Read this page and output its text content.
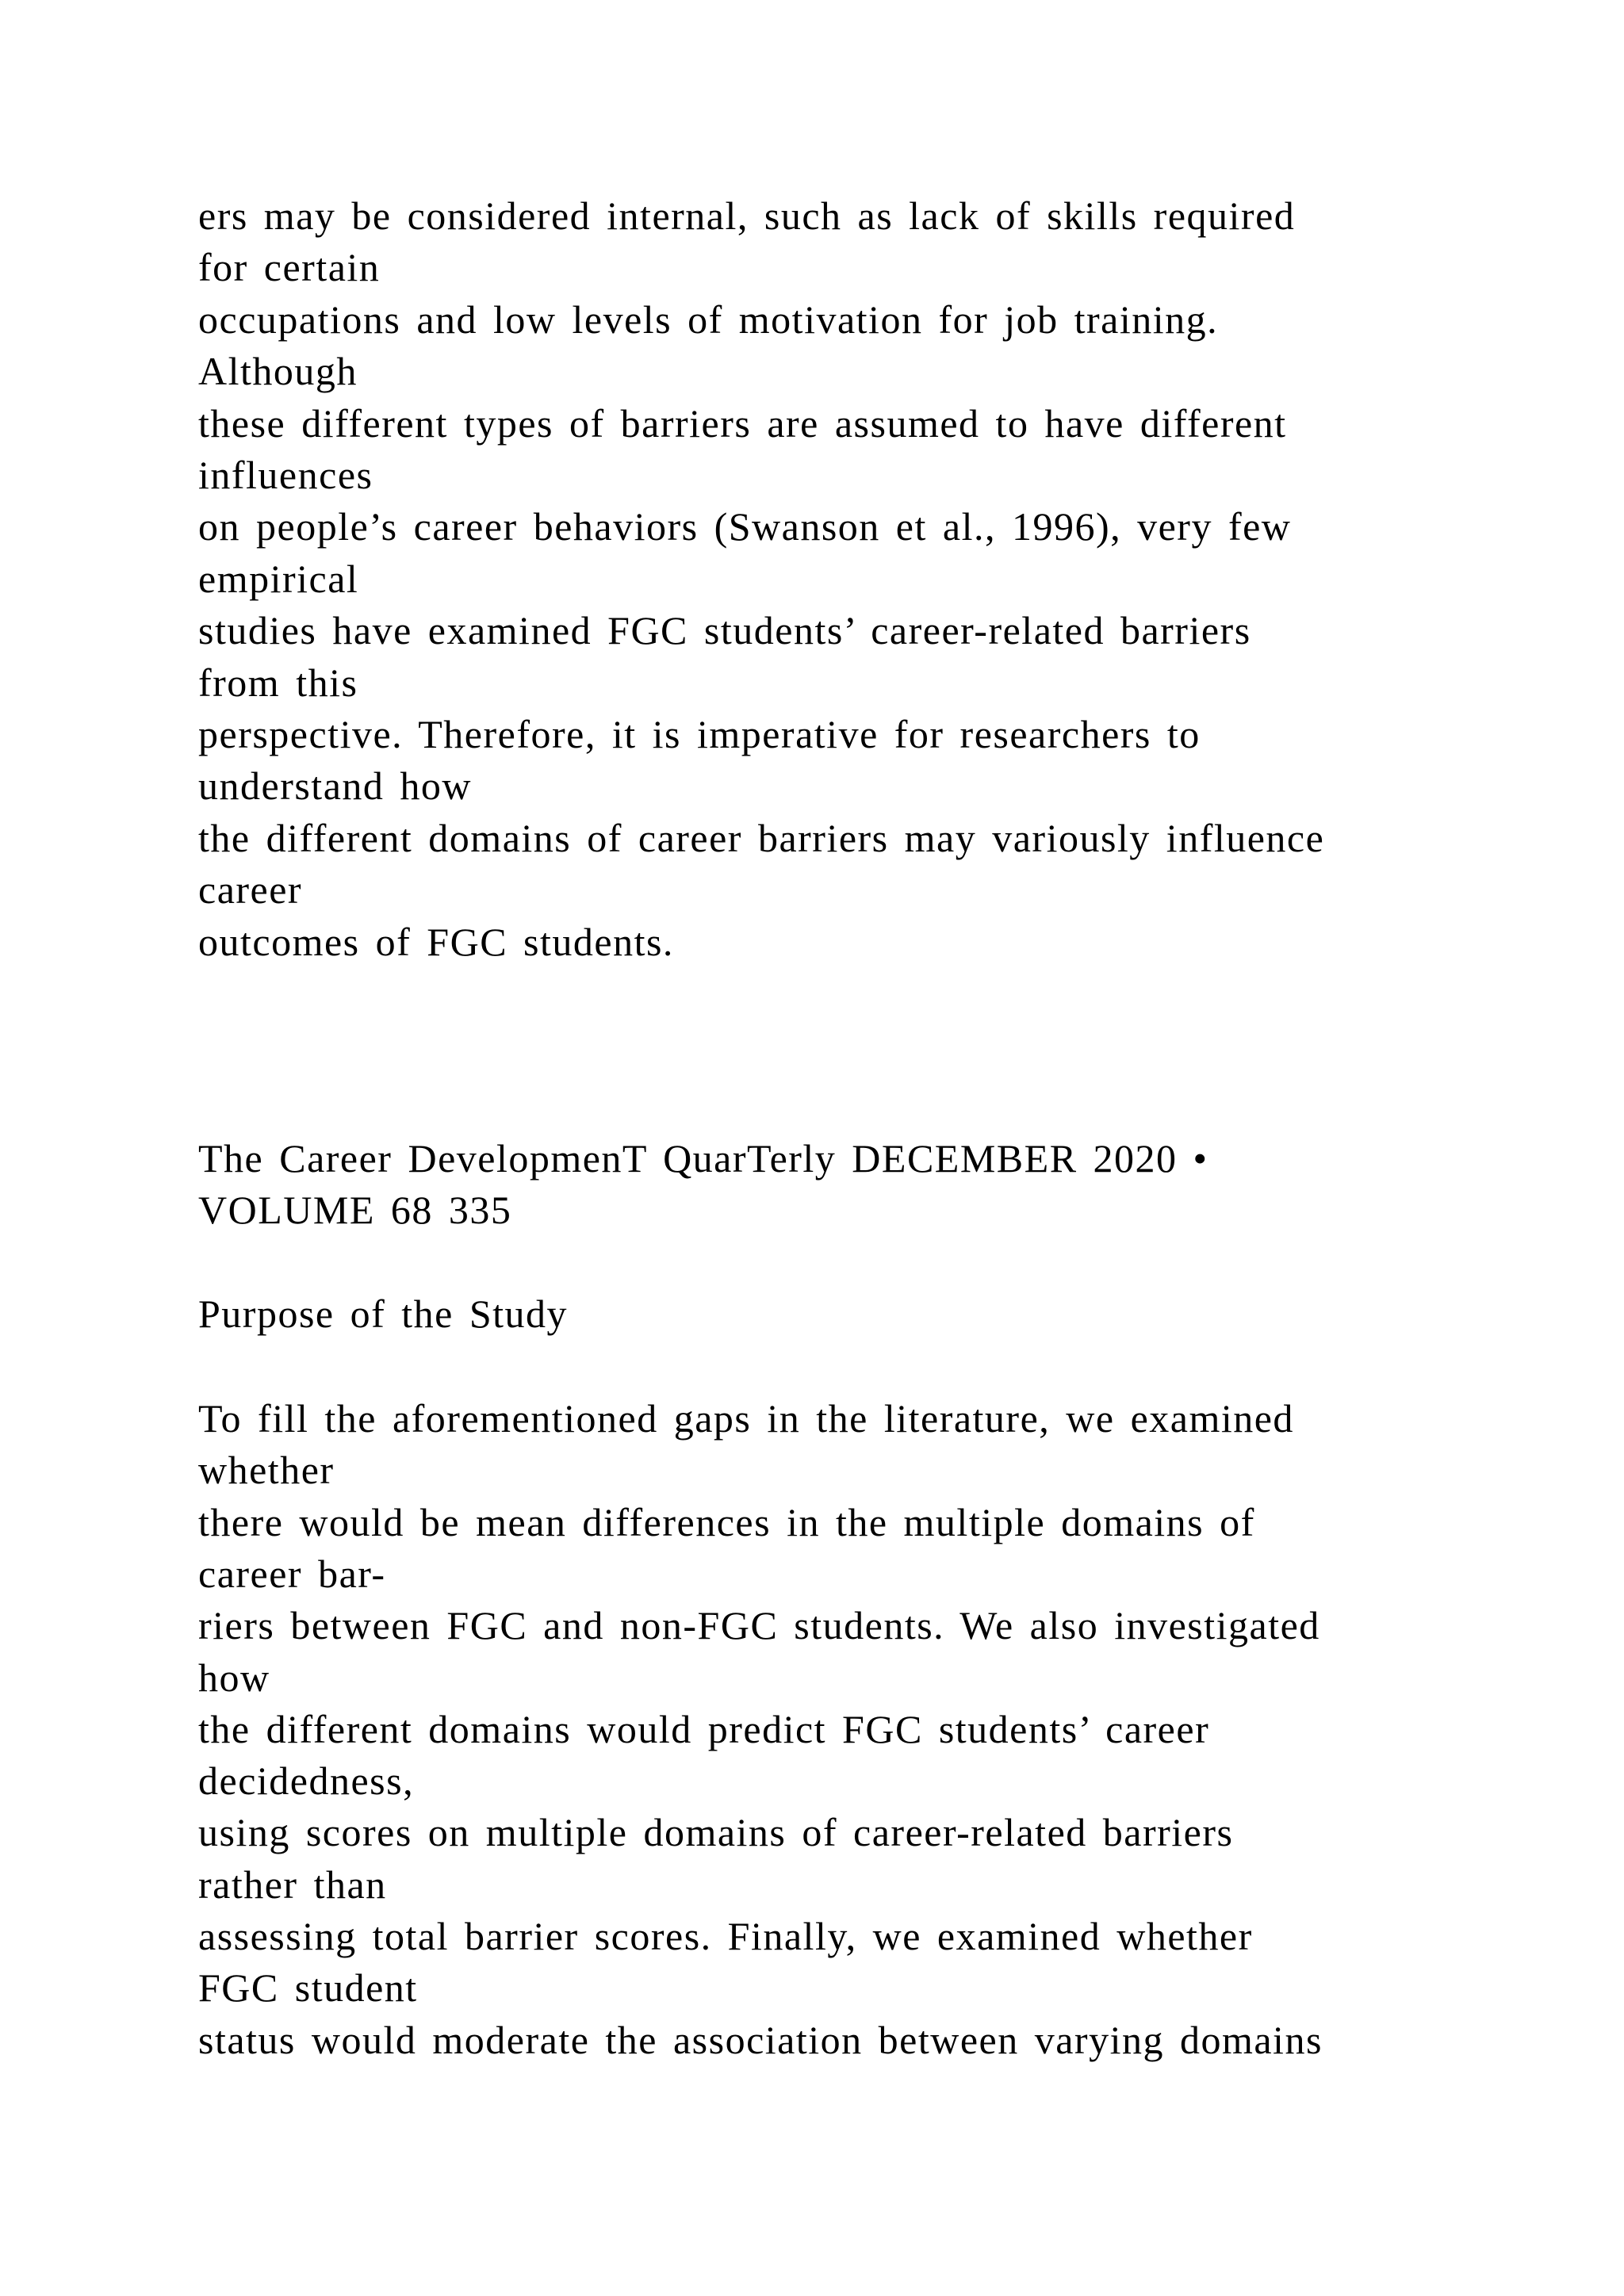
ers may be considered internal, such as lack of skills required
for certain
occupations and low levels of motivation for job training.
Although
these different types of barriers are assumed to have different
influences
on people’s career behaviors (Swanson et al., 1996), very few
empirical
studies have examined FGC students’ career-related barriers
from this
perspective. Therefore, it is imperative for researchers to
understand how
the different domains of career barriers may variously influence
career
outcomes of FGC students.
The Career DevelopmenT QuarTerly DECEMBER 2020 •
VOLUME 68 335
Purpose of the Study
To fill the aforementioned gaps in the literature, we examined
whether
there would be mean differences in the multiple domains of
career bar-
riers between FGC and non-FGC students. We also investigated
how
the different domains would predict FGC students’ career
decidedness,
using scores on multiple domains of career-related barriers
rather than
assessing total barrier scores. Finally, we examined whether
FGC student
status would moderate the association between varying domains
